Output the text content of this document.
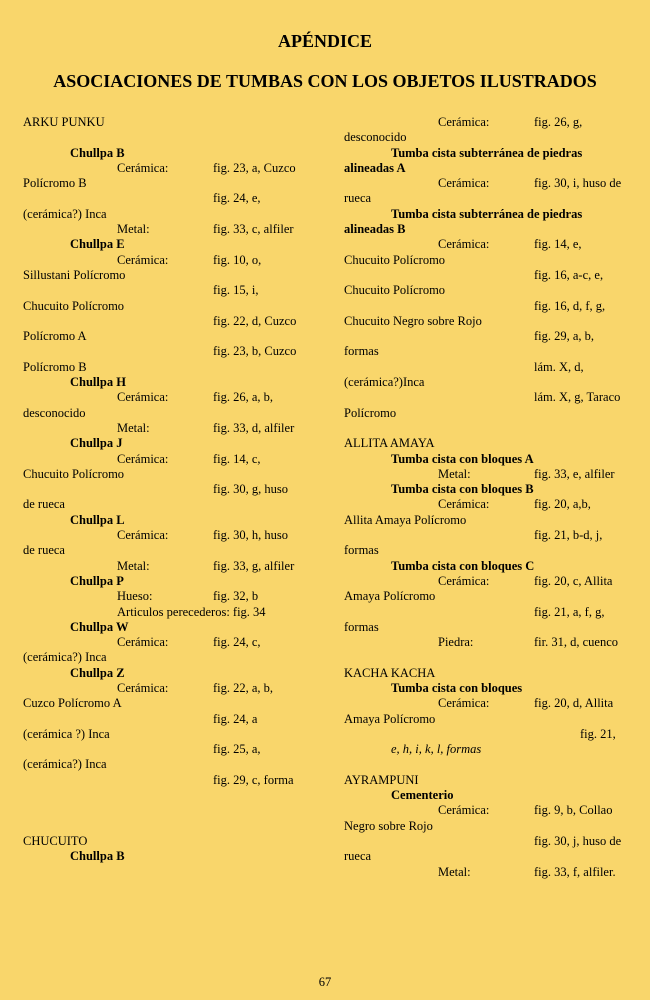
APÉNDICE
ASOCIACIONES DE TUMBAS CON LOS OBJETOS ILUSTRADOS
ARKU PUNKU
Chullpa B
Cerámica:	fig. 23, a, Cuzco
Polícromo B
fig. 24, e,
(cerámica?) Inca
Metal:	fig. 33, c, alfiler
Chullpa E
Cerámica:	fig. 10, o,
Sillustani Polícromo
fig. 15, i,
Chucuito Polícromo
fig. 22, d, Cuzco
Polícromo A
fig. 23, b, Cuzco
Polícromo B
Chullpa H
Cerámica:	fig. 26, a, b,
desconocido
Metal:	fig. 33, d, alfiler
Chullpa J
Cerámica:	fig. 14, c,
Chucuito Polícromo
fig. 30, g, huso
de rueca
Chullpa L
Cerámica:	fig. 30, h, huso
de rueca
Metal:	fig. 33, g, alfiler
Chullpa P
Hueso:	fig. 32, b
Articulos perecederos: fig. 34
Chullpa W
Cerámica:	fig. 24, c,
(cerámica?) Inca
Chullpa Z
Cerámica:	fig. 22, a, b,
Cuzco Polícromo A
fig. 24, a
(cerámica ?) Inca
fig. 25, a,
(cerámica?) Inca
fig. 29, c, forma
CHUCUITO
Chullpa B
Cerámica:	fig. 26, g,
desconocido
Tumba cista subterránea de piedras
alineadas A
Cerámica:	fig. 30, i, huso de
rueca
Tumba cista subterránea de piedras
alineadas B
Cerámica:	fig. 14, e,
Chucuito Polícromo
fig. 16, a-c, e,
Chucuito Polícromo
fig. 16, d, f, g,
Chucuito Negro sobre Rojo
fig. 29, a, b,
formas
lám. X, d,
(cerámica?)Inca
lám. X, g, Taraco
Polícromo
ALLITA AMAYA
Tumba cista con bloques A
Metal:	fig. 33, e, alfiler
Tumba cista con bloques B
Cerámica:	fig. 20, a,b,
Allita Amaya Polícromo
fig. 21, b-d, j,
formas
Tumba cista con bloques C
Cerámica:	fig. 20, c, Allita
Amaya Polícromo
fig. 21, a, f, g,
formas
Piedra:	fir. 31, d, cuenco
KACHA KACHA
Tumba cista con bloques
Cerámica:	fig. 20, d, Allita
Amaya Polícromo
fig. 21,
e, h, i, k, l, formas
AYRAMPUNI
Cementerio
Cerámica:	fig. 9, b, Collao
Negro sobre Rojo
fig. 30, j, huso de
rueca
Metal:	fig. 33, f, alfiler.
67
